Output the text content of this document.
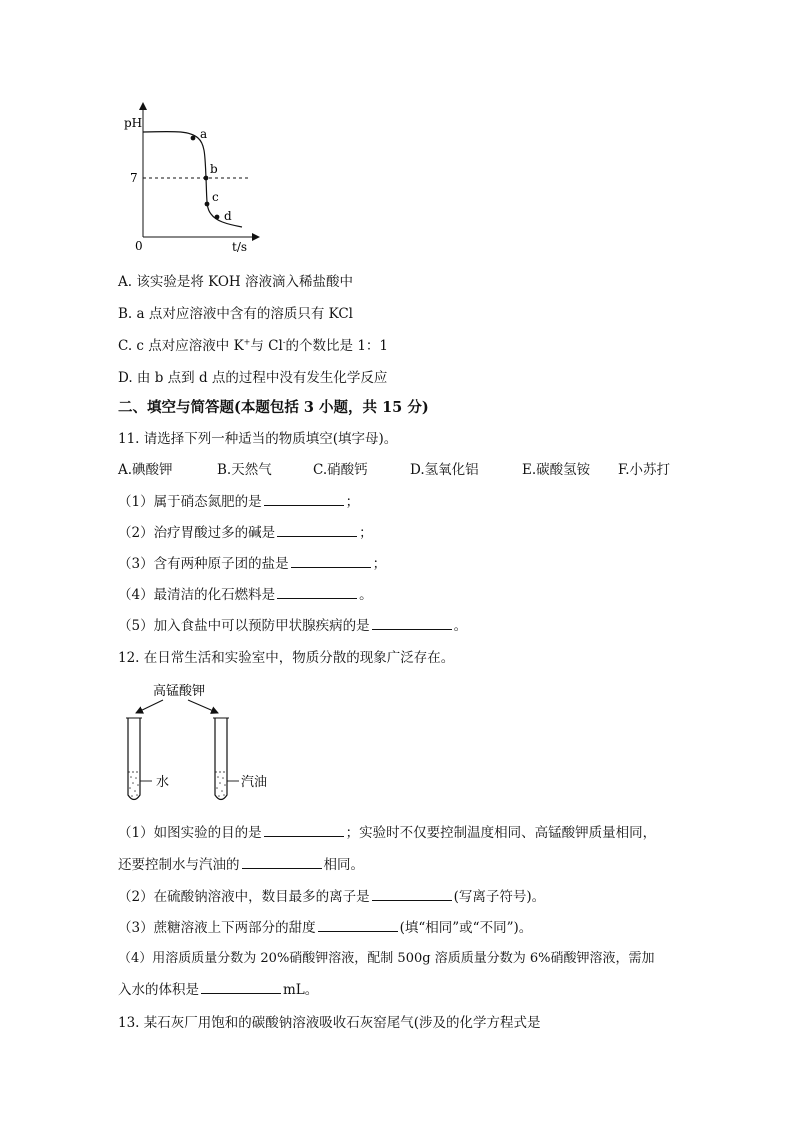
pH
t/s
0
7
a
b
c
d
A. 该实验是将 KOH 溶液滴入稀盐酸中
B. a 点对应溶液中含有的溶质只有 KCl
C. c 点对应溶液中 K+与 Cl-的个数比是 1：1
D. 由 b 点到 d 点的过程中没有发生化学反应
二、填空与简答题(本题包括 3 小题，共 15 分)
11. 请选择下列一种适当的物质填空(填字母)。
A.碘酸钾	B.天然气	C.硝酸钙	D.氢氧化铝	E.碳酸氢铵 F.小苏打
（1）属于硝态氮肥的是	；
（2）治疗胃酸过多的碱是	；
（3）含有两种原子团的盐是	；
（4）最清洁的化石燃料是	。
（5）加入食盐中可以预防甲状腺疾病的是	。
12. 在日常生活和实验室中，物质分散的现象广泛存在。
高锰酸钾
水	汽油
（1）如图实验的目的是	；实验时不仅要控制温度相同、高锰酸钾质量相同，
还要控制水与汽油的	相同。
（2）在硫酸钠溶液中，数目最多的离子是	(写离子符号)。
（3）蔗糖溶液上下两部分的甜度	(填“相同”或“不同”)。
（4）用溶质质量分数为 20%硝酸钾溶液，配制 500g 溶质质量分数为 6%硝酸钾溶液，需加
入水的体积是	mL。
13. 某石灰厂用饱和的碳酸钠溶液吸收石灰窑尾气(涉及的化学方程式是
